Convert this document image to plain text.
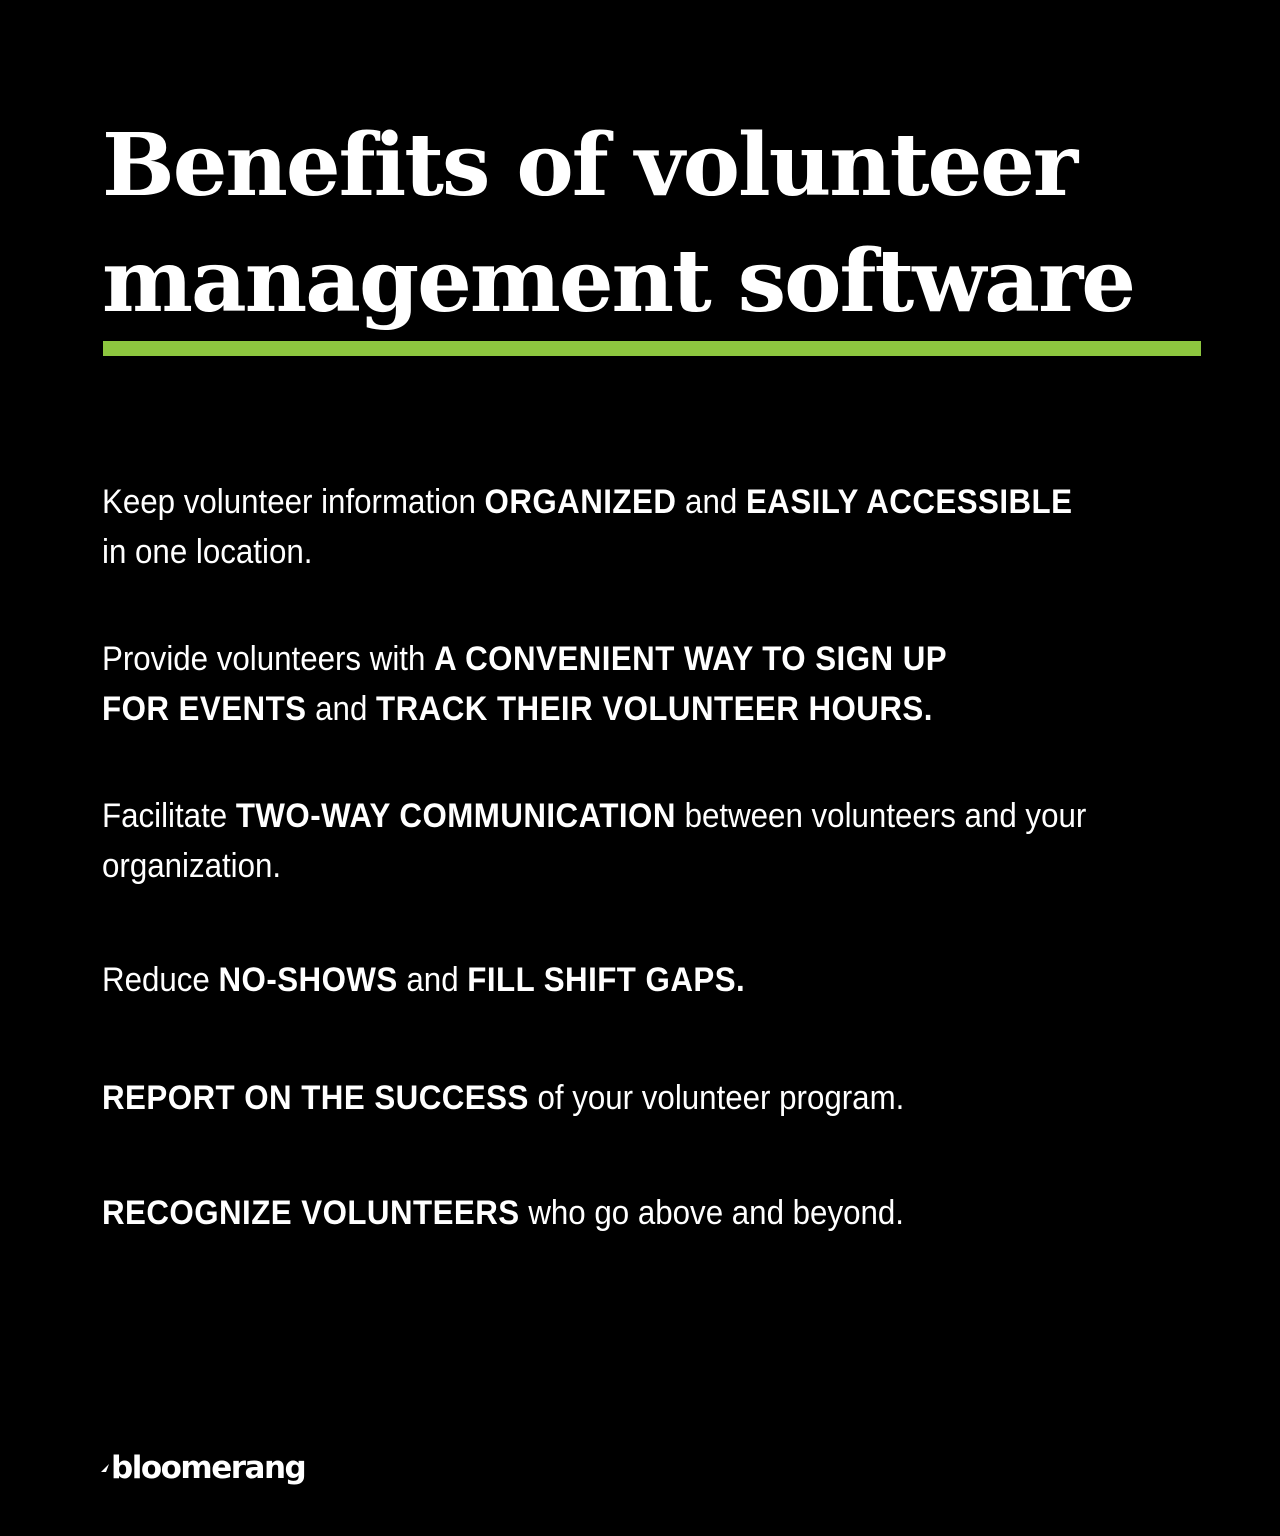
Benefits of volunteer
management software

Keep volunteer information ORGANIZED and EASILY ACCESSIBLE
in one location.

Provide volunteers with A CONVENIENT WAY TO SIGN UP
FOR EVENTS and TRACK THEIR VOLUNTEER HOURS.

Facilitate TWO-WAY COMMUNICATION between volunteers and your organization.

Reduce NO-SHOWS and FILL SHIFT GAPS.

REPORT ON THE SUCCESS of your volunteer program.

RECOGNIZE VOLUNTEERS who go above and beyond.

bloomerang
